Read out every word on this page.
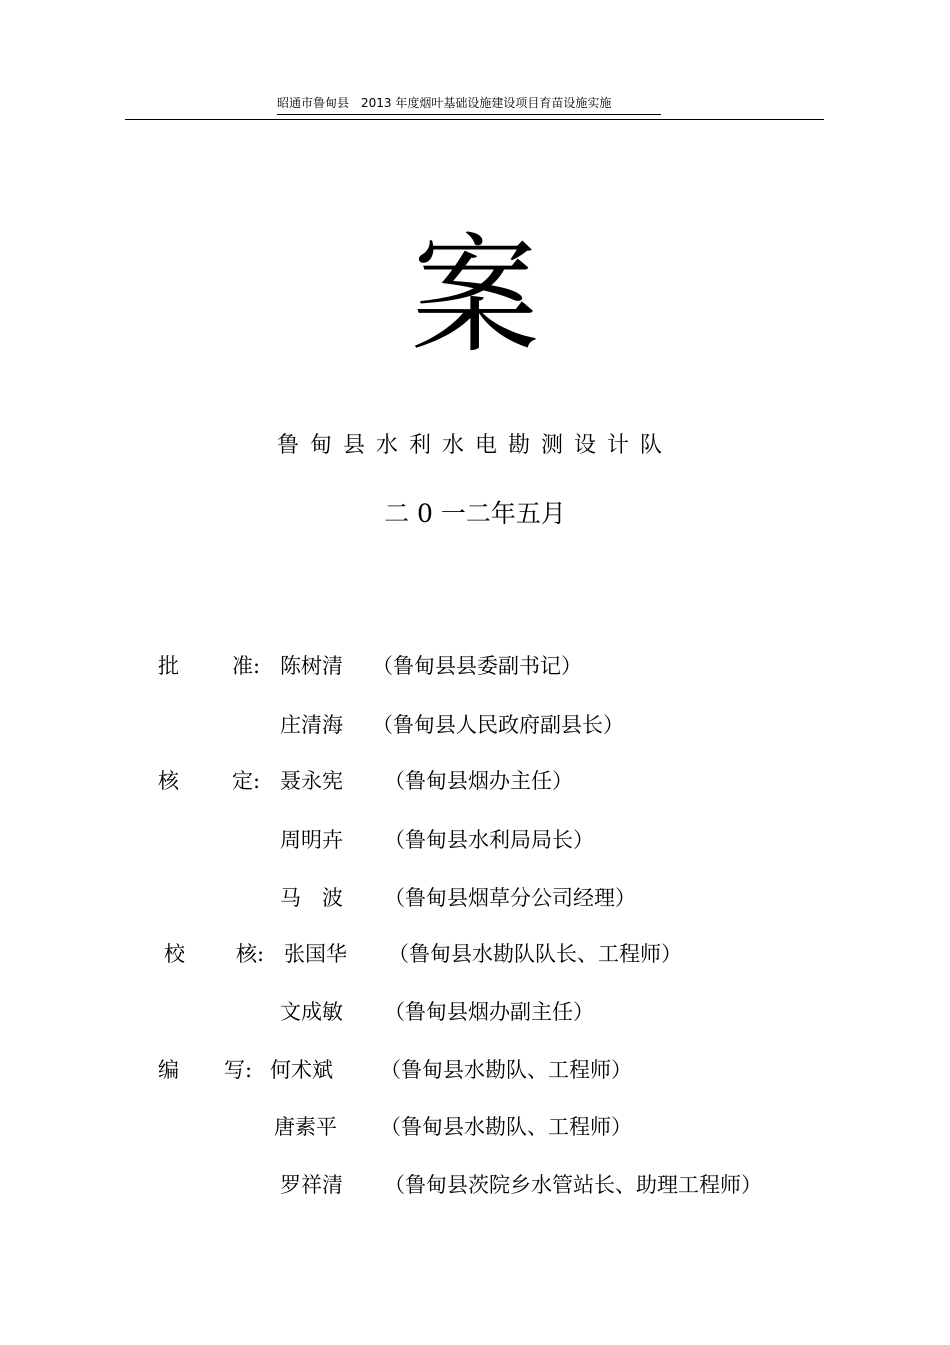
昭通市鲁甸县　2013 年度烟叶基础设施建设项目育苗设施实施
案
鲁甸县水利水电勘测设计队
二 0 一二年五月
批	准: 陈树清 （鲁甸县县委副书记）
庄清海 （鲁甸县人民政府副县长）
核	定: 聂永宪 （鲁甸县烟办主任）
周明卉 （鲁甸县水利局局长）
马　波 （鲁甸县烟草分公司经理）
校 核: 张国华 （鲁甸县水勘队队长、工程师）
文成敏 （鲁甸县烟办副主任）
编 写: 何术斌 （鲁甸县水勘队、工程师）
唐素平 （鲁甸县水勘队、工程师）
罗祥清 （鲁甸县茨院乡水管站长、助理工程师）
